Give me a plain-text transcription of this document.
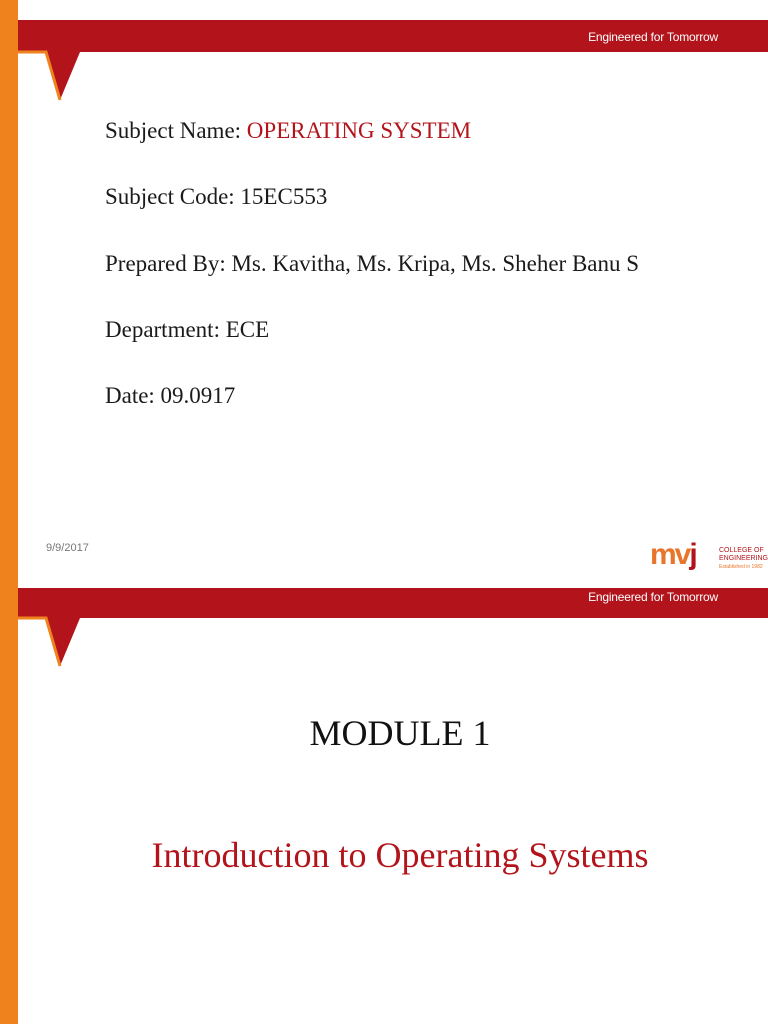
Engineered for Tomorrow
Subject Name: OPERATING SYSTEM
Subject Code: 15EC553
Prepared By: Ms. Kavitha, Ms. Kripa, Ms. Sheher Banu S
Department: ECE
Date: 09.0917
9/9/2017	mvj	COLLEGE OF
ENGINEERING
Established in 1982
Engineered for Tomorrow
MODULE 1
Introduction to Operating Systems
